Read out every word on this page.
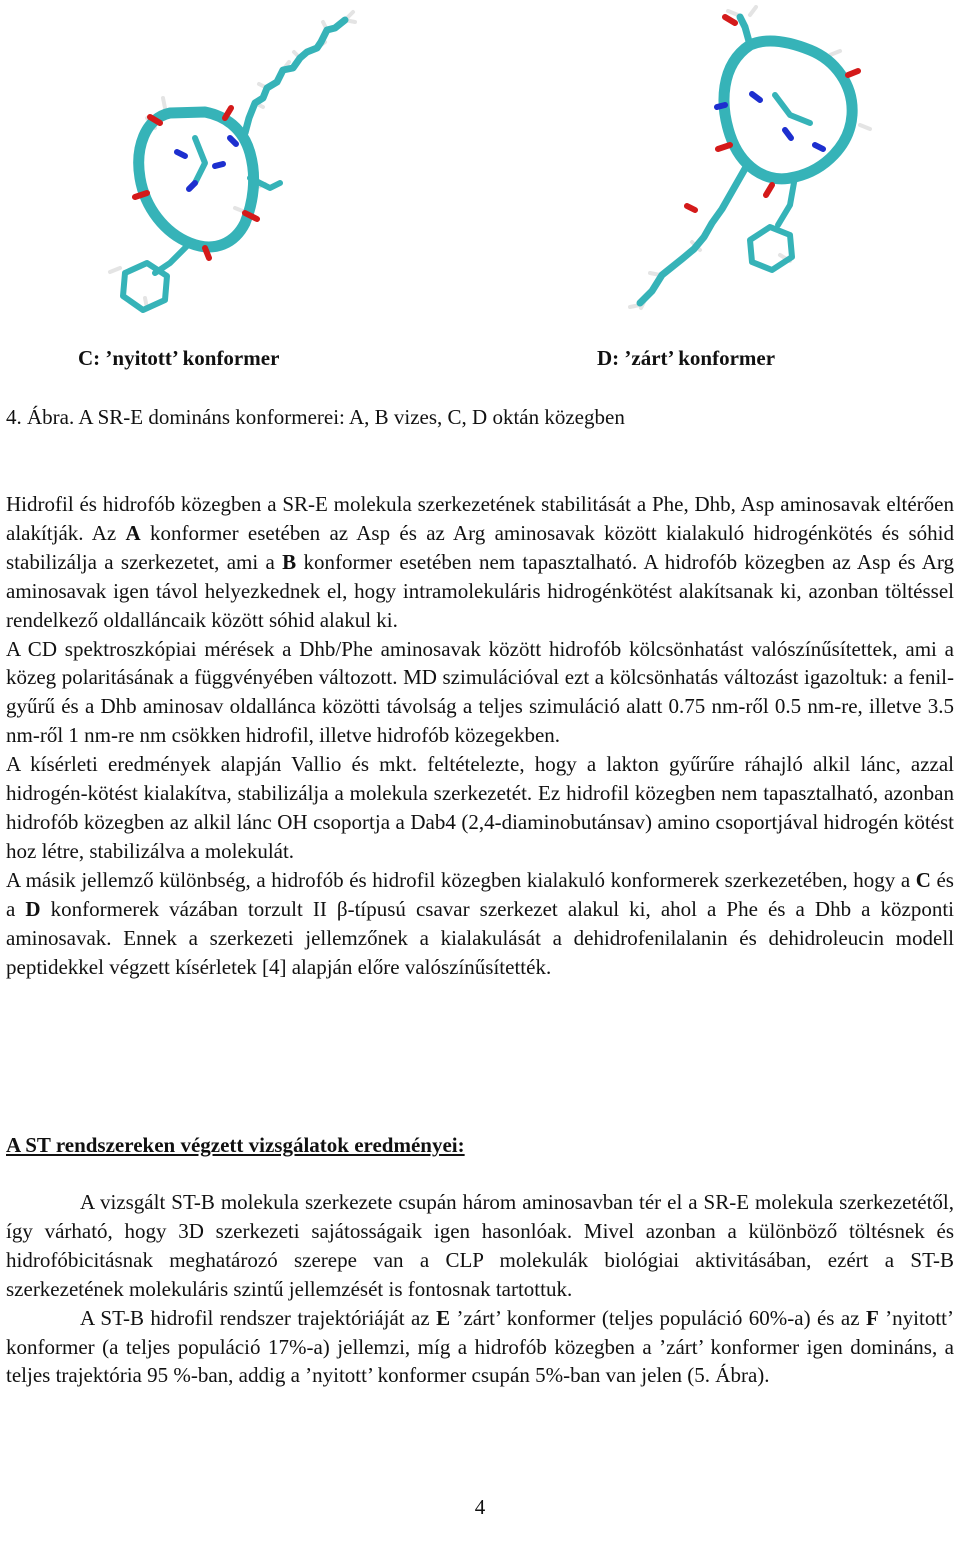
C: ’nyitott’ konformer	D: ’zárt’ konformer
4. Ábra. A SR-E domináns konformerei: A, B vizes, C, D oktán közegben

Hidrofil és hidrofób közegben a SR-E molekula szerkezetének stabilitását a Phe, Dhb, Asp aminosavak eltérően alakítják. Az A konformer esetében az Asp és az Arg aminosavak között kialakuló hidrogénkötés és sóhid stabilizálja a szerkezetet, ami a B konformer esetében nem tapasztalható. A hidrofób közegben az Asp és Arg aminosavak igen távol helyezkednek el, hogy intramolekuláris hidrogénkötést alakítsanak ki, azonban töltéssel rendelkező oldalláncaik között sóhid alakul ki.

A CD spektroszkópiai mérések a Dhb/Phe aminosavak között hidrofób kölcsönhatást valószínűsítettek, ami a közeg polaritásának a függvényében változott. MD szimulációval ezt a kölcsönhatás változást igazoltuk: a fenil-gyűrű és a Dhb aminosav oldallánca közötti távolság a teljes szimuláció alatt 0.75 nm-ről 0.5 nm-re, illetve 3.5 nm-ről 1 nm-re nm csökken hidrofil, illetve hidrofób közegekben.

A kísérleti eredmények alapján Vallio és mkt. feltételezte, hogy a lakton gyűrűre ráhajló alkil lánc, azzal hidrogén-kötést kialakítva, stabilizálja a molekula szerkezetét. Ez hidrofil közegben nem tapasztalható, azonban hidrofób közegben az alkil lánc OH csoportja a Dab4 (2,4-diaminobutánsav) amino csoportjával hidrogén kötést hoz létre, stabilizálva a molekulát.

A másik jellemző különbség, a hidrofób és hidrofil közegben kialakuló konformerek szerkezetében, hogy a C és a D konformerek vázában torzult II β-típusú csavar szerkezet alakul ki, ahol a Phe és a Dhb a központi aminosavak. Ennek a szerkezeti jellemzőnek a kialakulását a dehidrofenilalanin és dehidroleucin modell peptidekkel végzett kísérletek [4] alapján előre valószínűsítették.

A ST rendszereken végzett vizsgálatok eredményei:

A vizsgált ST-B molekula szerkezete csupán három aminosavban tér el a SR-E molekula szerkezetétől, így várható, hogy 3D szerkezeti sajátosságaik igen hasonlóak. Mivel azonban a különböző töltésnek és hidrofóbicitásnak meghatározó szerepe van a CLP molekulák biológiai aktivitásában, ezért a ST-B szerkezetének molekuláris szintű jellemzését is fontosnak tartottuk.

A ST-B hidrofil rendszer trajektóriáját az E ’zárt’ konformer (teljes populáció 60%-a) és az F ’nyitott’ konformer (a teljes populáció 17%-a) jellemzi, míg a hidrofób közegben a ’zárt’ konformer igen domináns, a teljes trajektória 95 %-ban, addig a ’nyitott’ konformer csupán 5%-ban van jelen (5. Ábra).

4
